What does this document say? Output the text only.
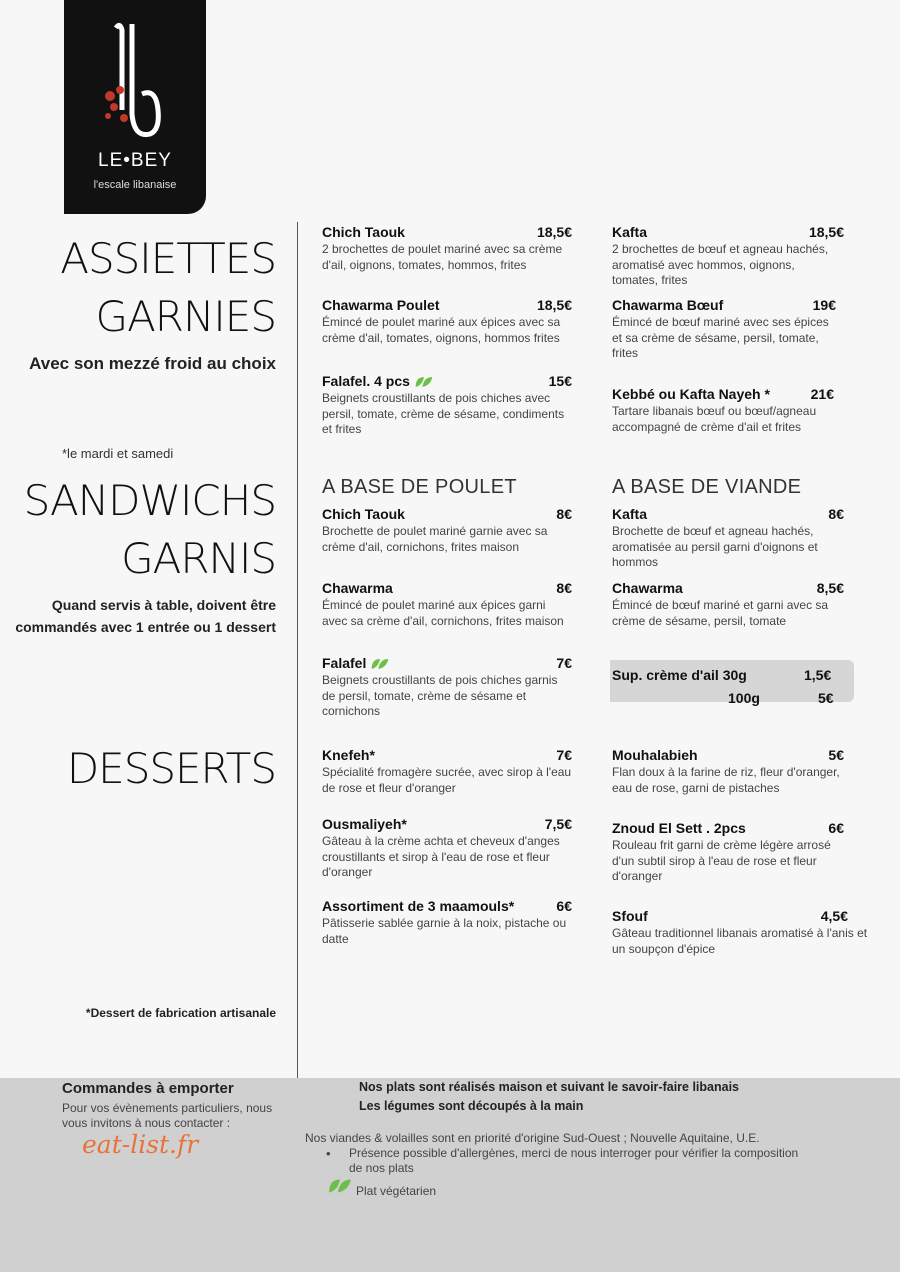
LE•BEY
l'escale libanaise
ASSIETTES
GARNIES
Avec son mezzé froid au choix
*le mardi et samedi
SANDWICHS
GARNIS
Quand servis à table, doivent être commandés avec 1 entrée ou 1 dessert
DESSERTS
*Dessert de fabrication artisanale
Chich Taouk	18,5€
2 brochettes de poulet mariné avec sa crème d'ail, oignons, tomates, hommos, frites
Chawarma Poulet	18,5€
Émincé de poulet mariné aux épices avec sa crème d'ail, tomates, oignons, hommos frites
Falafel. 4 pcs	15€
Beignets croustillants de pois chiches avec persil, tomate, crème de sésame, condiments et frites
Kafta	18,5€
2 brochettes de bœuf et agneau hachés, aromatisé avec hommos, oignons, tomates, frites
Chawarma Bœuf	19€
Émincé de bœuf mariné avec ses épices et sa crème de sésame, persil, tomate, frites
Kebbé ou Kafta Nayeh *	21€
Tartare libanais bœuf ou bœuf/agneau accompagné de crème d'ail et frites
A BASE DE POULET	A BASE DE VIANDE
Chich Taouk	8€
Brochette de poulet mariné garnie avec sa crème d'ail, cornichons, frites maison
Chawarma	8€
Émincé de poulet mariné aux épices garni avec sa crème d'ail, cornichons, frites maison
Falafel	7€
Beignets croustillants de pois chiches garnis de persil, tomate, crème de sésame et cornichons
Kafta	8€
Brochette de bœuf et agneau hachés, aromatisée au persil garni d'oignons et hommos
Chawarma	8,5€
Émincé de bœuf mariné et garni avec sa crème de sésame, persil, tomate
Sup. crème d'ail 30g	1,5€
100g	5€
Knefeh*	7€
Spécialité fromagère sucrée, avec sirop à l'eau de rose et fleur d'oranger
Ousmaliyeh*	7,5€
Gâteau à la crème achta et cheveux d'anges croustillants et sirop à l'eau de rose et fleur d'oranger
Assortiment de 3 maamouls*	6€
Pâtisserie sablée garnie à la noix, pistache ou datte
Mouhalabieh	5€
Flan doux à la farine de riz, fleur d'oranger, eau de rose, garni de pistaches
Znoud El Sett . 2pcs	6€
Rouleau frit garni de crème légère arrosé d'un subtil sirop à l'eau de rose et fleur d'oranger
Sfouf	4,5€
Gâteau traditionnel libanais aromatisé à l'anis et un soupçon d'épice
Commandes à emporter
Pour vos évènements particuliers, nous vous invitons à nous contacter :
eat-list.fr
Nos plats sont réalisés maison et suivant le savoir-faire libanais
Les légumes sont découpés à la main
Nos viandes & volailles sont en priorité d'origine Sud-Ouest ; Nouvelle Aquitaine, U.E.
• Présence possible d'allergènes, merci de nous interroger pour vérifier la composition de nos plats
Plat végétarien
